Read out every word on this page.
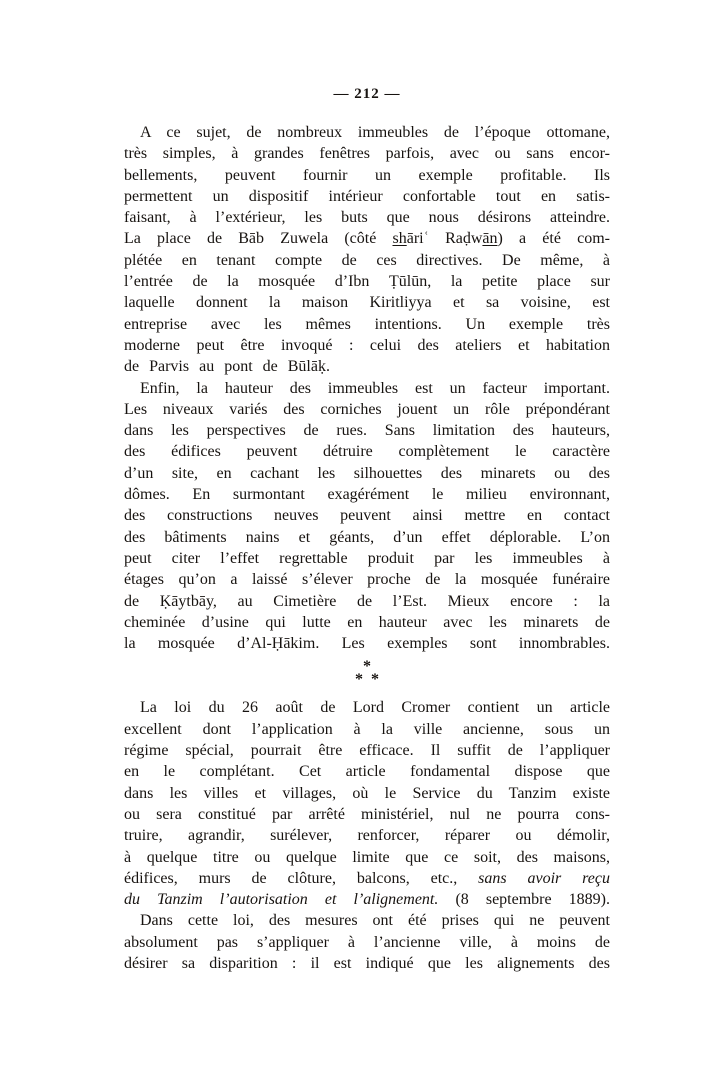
— 212 —
A ce sujet, de nombreux immeubles de l’époque ottomane,
très simples, à grandes fenêtres parfois, avec ou sans encor-
bellements, peuvent fournir un exemple profitable. Ils
permettent un dispositif intérieur confortable tout en satis-
faisant, à l’extérieur, les buts que nous désirons atteindre.
La place de Bāb Zuwela (côté shāriʿ Raḍwān) a été com-
plétée en tenant compte de ces directives. De même, à
l’entrée de la mosquée d’Ibn Ṭūlūn, la petite place sur
laquelle donnent la maison Kiritliyya et sa voisine, est
entreprise avec les mêmes intentions. Un exemple très
moderne peut être invoqué : celui des ateliers et habitation
de Parvis au pont de Būlāḳ.
Enfin, la hauteur des immeubles est un facteur important.
Les niveaux variés des corniches jouent un rôle prépondérant
dans les perspectives de rues. Sans limitation des hauteurs,
des édifices peuvent détruire complètement le caractère
d’un site, en cachant les silhouettes des minarets ou des
dômes. En surmontant exagérément le milieu environnant,
des constructions neuves peuvent ainsi mettre en contact
des bâtiments nains et géants, d’un effet déplorable. L’on
peut citer l’effet regrettable produit par les immeubles à
étages qu’on a laissé s’élever proche de la mosquée funéraire
de Ḳāytbāy, au Cimetière de l’Est. Mieux encore : la
cheminée d’usine qui lutte en hauteur avec les minarets de
la mosquée d’Al-Ḥākim. Les exemples sont innombrables.
*
* *
La loi du 26 août de Lord Cromer contient un article
excellent dont l’application à la ville ancienne, sous un
régime spécial, pourrait être efficace. Il suffit de l’appliquer
en le complétant. Cet article fondamental dispose que
dans les villes et villages, où le Service du Tanzim existe
ou sera constitué par arrêté ministériel, nul ne pourra cons-
truire, agrandir, surélever, renforcer, réparer ou démolir,
à quelque titre ou quelque limite que ce soit, des maisons,
édifices, murs de clôture, balcons, etc., sans avoir reçu
du Tanzim l’autorisation et l’alignement. (8 septembre 1889).
Dans cette loi, des mesures ont été prises qui ne peuvent
absolument pas s’appliquer à l’ancienne ville, à moins de
désirer sa disparition : il est indiqué que les alignements des
